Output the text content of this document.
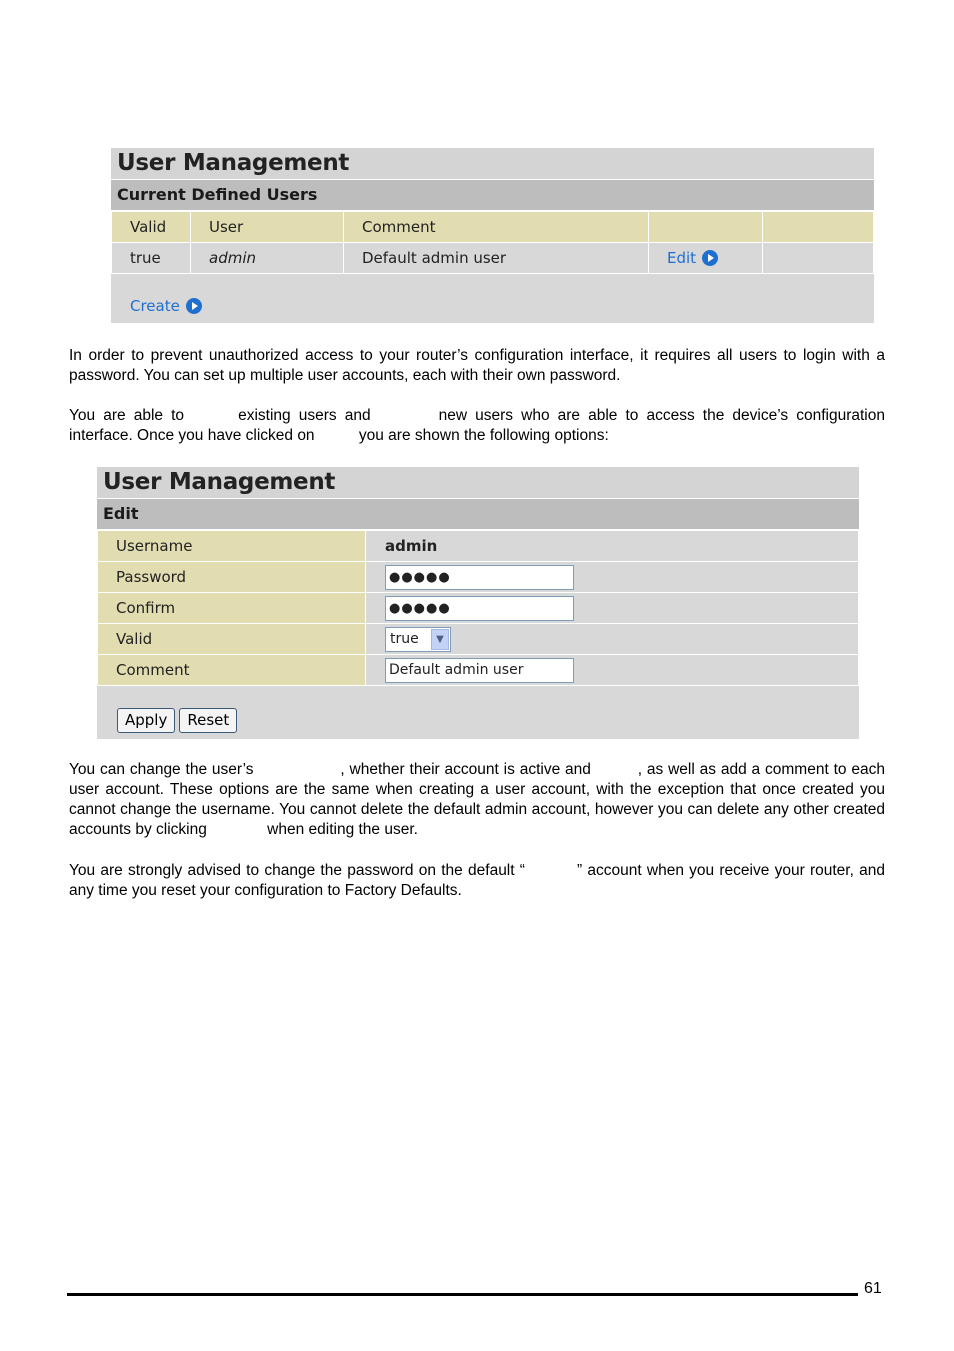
User Management
Current Defined Users
Valid	User	Comment		
true	admin	Default admin user	Edit	

Create
In order to prevent unauthorized access to your router’s configuration interface, it requires all users to login with a password. You can set up multiple user accounts, each with their own password.
You are able to	existing users and	new users who are able to access the device’s configuration interface. Once you have clicked on	you are shown the following options:
User Management
Edit
Username	admin
Password	●●●●●
Confirm	●●●●●
Valid	true ▼

Comment	Default admin user
Apply Reset
You can change the user’s	, whether their account is active and	, as well as add a comment to each user account. These options are the same when creating a user account, with the exception that once created you cannot change the username. You cannot delete the default admin account, however you can delete any other created accounts by clicking	when editing the user.
You are strongly advised to change the password on the default “	” account when you receive your router, and any time you reset your configuration to Factory Defaults.
61
